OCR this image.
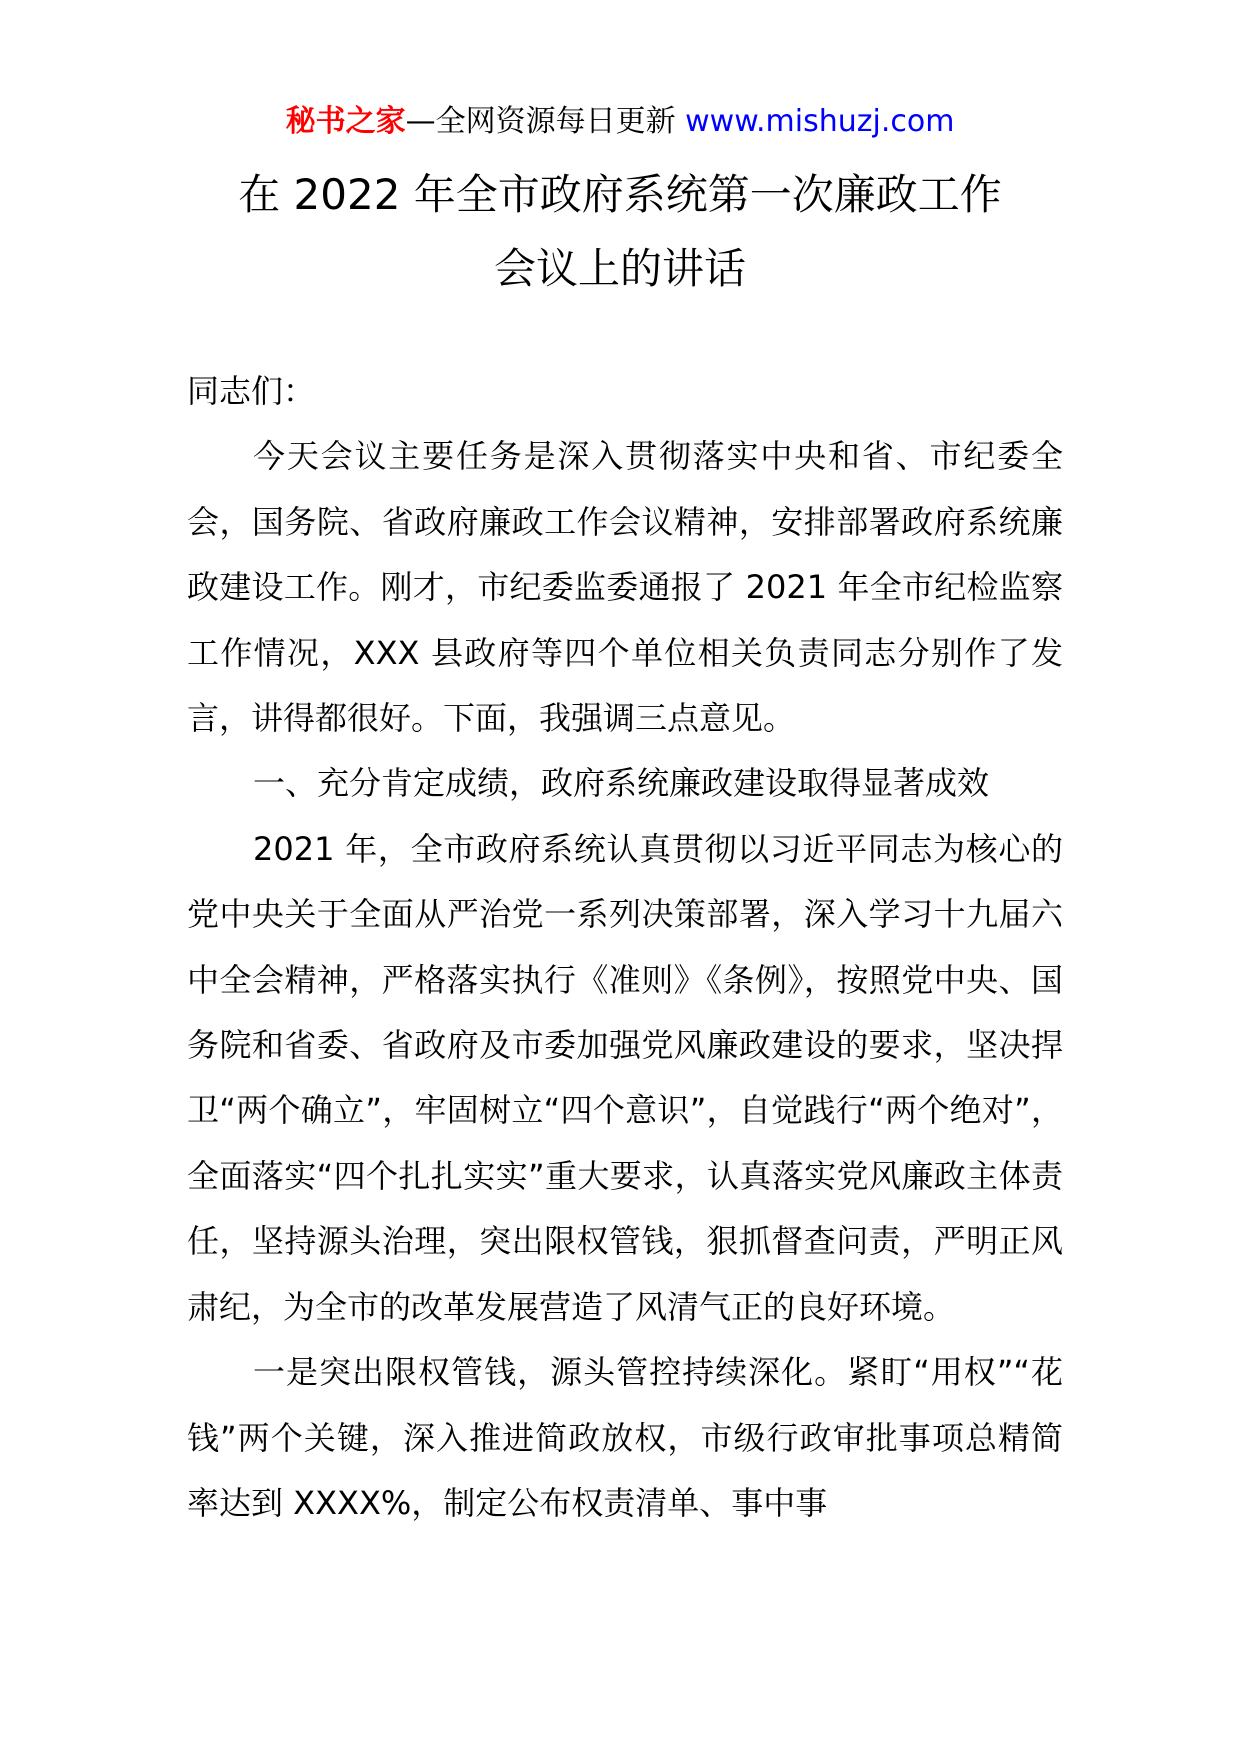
秘书之家—全网资源每日更新 www.mishuzj.com
在 2022 年全市政府系统第一次廉政工作
会议上的讲话

同志们：

今天会议主要任务是深入贯彻落实中央和省、市纪委全会，国务院、省政府廉政工作会议精神，安排部署政府系统廉政建设工作。刚才，市纪委监委通报了 2021 年全市纪检监察工作情况，XXX 县政府等四个单位相关负责同志分别作了发言，讲得都很好。下面，我强调三点意见。

一、充分肯定成绩，政府系统廉政建设取得显著成效

2021 年，全市政府系统认真贯彻以习近平同志为核心的党中央关于全面从严治党一系列决策部署，深入学习十九届六中全会精神，严格落实执行《准则》《条例》，按照党中央、国务院和省委、省政府及市委加强党风廉政建设的要求，坚决捍卫“两个确立”，牢固树立“四个意识”，自觉践行“两个绝对”，全面落实“四个扎扎实实”重大要求，认真落实党风廉政主体责任，坚持源头治理，突出限权管钱，狠抓督查问责，严明正风肃纪，为全市的改革发展营造了风清气正的良好环境。

一是突出限权管钱，源头管控持续深化。紧盯“用权”“花钱”两个关键，深入推进简政放权，市级行政审批事项总精简率达到 XXXX%，制定公布权责清单、事中事
